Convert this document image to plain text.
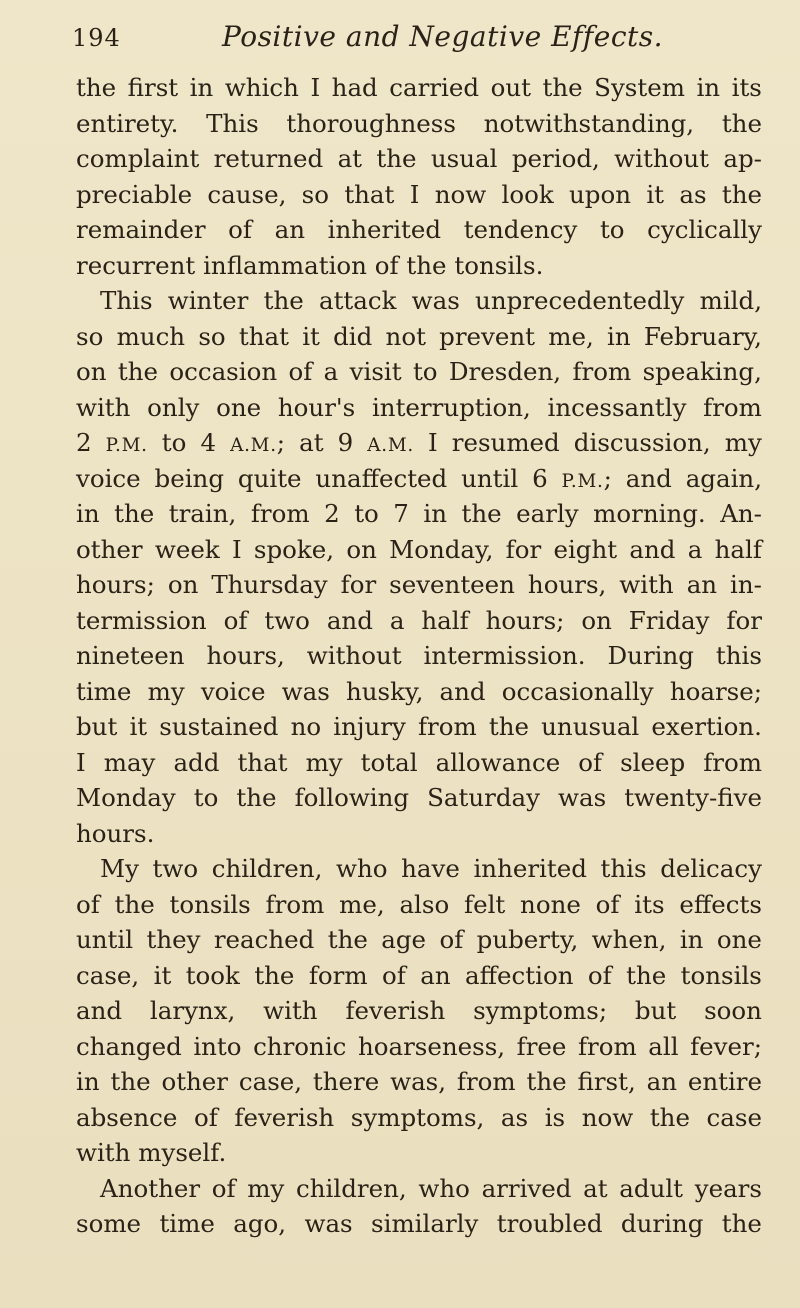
194	Positive and Negative Effects.
the first in which I had carried out the System in its
entirety. This thoroughness notwithstanding, the
complaint returned at the usual period, without ap-
preciable cause, so that I now look upon it as the
remainder of an inherited tendency to cyclically
recurrent inflammation of the tonsils.
This winter the attack was unprecedentedly mild,
so much so that it did not prevent me, in February,
on the occasion of a visit to Dresden, from speaking,
with only one hour's interruption, incessantly from
2 P.M. to 4 A.M.; at 9 A.M. I resumed discussion, my
voice being quite unaffected until 6 P.M.; and again,
in the train, from 2 to 7 in the early morning. An-
other week I spoke, on Monday, for eight and a half
hours; on Thursday for seventeen hours, with an in-
termission of two and a half hours; on Friday for
nineteen hours, without intermission. During this
time my voice was husky, and occasionally hoarse;
but it sustained no injury from the unusual exertion.
I may add that my total allowance of sleep from
Monday to the following Saturday was twenty-five
hours.
My two children, who have inherited this delicacy
of the tonsils from me, also felt none of its effects
until they reached the age of puberty, when, in one
case, it took the form of an affection of the tonsils
and larynx, with feverish symptoms; but soon
changed into chronic hoarseness, free from all fever;
in the other case, there was, from the first, an entire
absence of feverish symptoms, as is now the case
with myself.
Another of my children, who arrived at adult years
some time ago, was similarly troubled during the
